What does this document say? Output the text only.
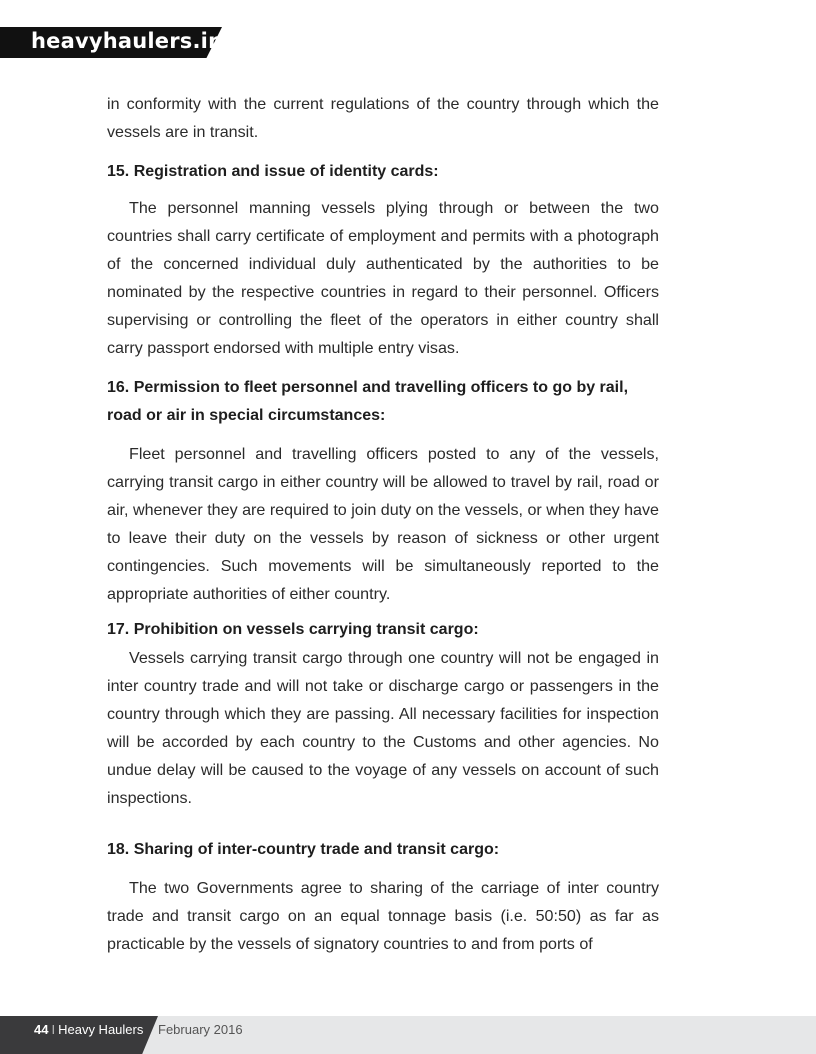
heavyhaulers.in

in conformity with the current regulations of the country through which the vessels are in transit.

15. Registration and issue of identity cards:

The personnel manning vessels plying through or between the two countries shall carry certificate of employment and permits with a photograph of the concerned individual duly authenticated by the authorities to be nominated by the respective countries in regard to their personnel. Officers supervising or controlling the fleet of the operators in either country shall carry passport endorsed with multiple entry visas.

16. Permission to fleet personnel and travelling officers to go by rail, road or air in special circumstances:

Fleet personnel and travelling officers posted to any of the vessels, carrying transit cargo in either country will be allowed to travel by rail, road or air, whenever they are required to join duty on the vessels, or when they have to leave their duty on the vessels by reason of sickness or other urgent contingencies. Such movements will be simultaneously reported to the appropriate authorities of either country.

17. Prohibition on vessels carrying transit cargo:

Vessels carrying transit cargo through one country will not be engaged in inter country trade and will not take or discharge cargo or passengers in the country through which they are passing. All necessary facilities for inspection will be accorded by each country to the Customs and other agencies. No undue delay will be caused to the voyage of any vessels on account of such inspections.

18. Sharing of inter-country trade and transit cargo:

The two Governments agree to sharing of the carriage of inter country trade and transit cargo on an equal tonnage basis (i.e. 50:50) as far as practicable by the vessels of signatory countries to and from ports of

44 I Heavy Haulers February 2016
